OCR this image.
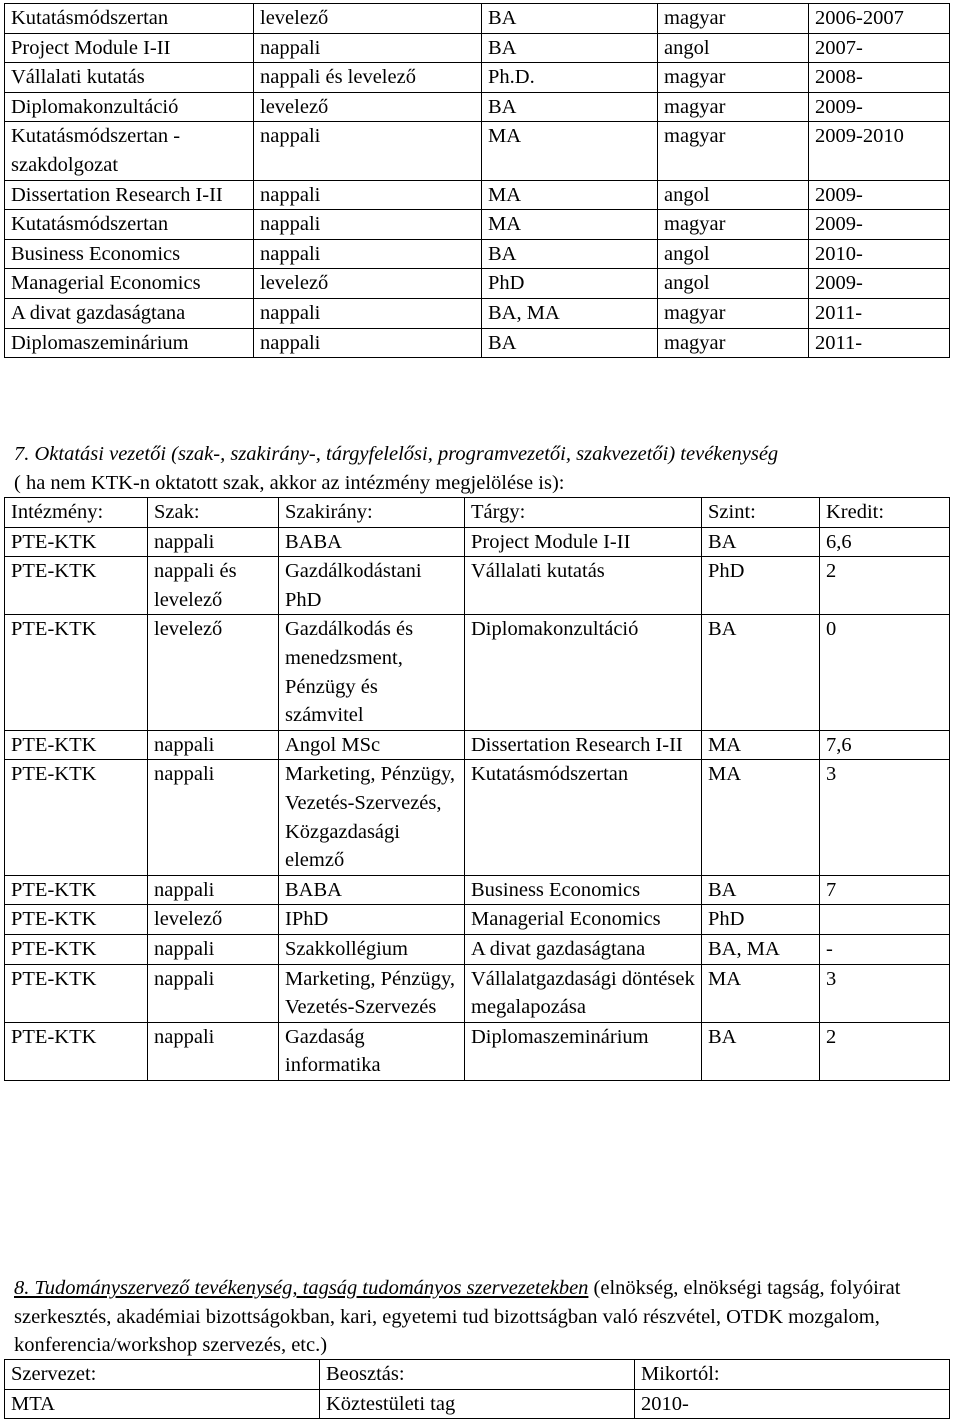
Kutatásmódszertan	levelező	BA	magyar	2006-2007
Project Module I-II	nappali	BA	angol	2007-
Vállalati kutatás	nappali és levelező	Ph.D.	magyar	2008-
Diplomakonzultáció	levelező	BA	magyar	2009-
Kutatásmódszertan - szakdolgozat	nappali	MA	magyar	2009-2010
Dissertation Research I-II	nappali	MA	angol	2009-
Kutatásmódszertan	nappali	MA	magyar	2009-
Business Economics	nappali	BA	angol	2010-
Managerial Economics	levelező	PhD	angol	2009-
A divat gazdaságtana	nappali	BA, MA	magyar	2011-
Diplomaszeminárium	nappali	BA	magyar	2011-
7. Oktatási vezetői (szak-, szakirány-, tárgyfelelősi, programvezetői, szakvezetői) tevékenység
( ha nem KTK-n oktatott szak, akkor az intézmény megjelölése is):
Intézmény:	Szak:	Szakirány:	Tárgy:	Szint:	Kredit:
PTE-KTK	nappali	BABA	Project Module I-II	BA	6,6
PTE-KTK	nappali és levelező	Gazdálkodástani PhD	Vállalati kutatás	PhD	2
PTE-KTK	levelező	Gazdálkodás és menedzsment, Pénzügy és számvitel	Diplomakonzultáció	BA	0
PTE-KTK	nappali	Angol MSc	Dissertation Research I-II	MA	7,6
PTE-KTK	nappali	Marketing, Pénzügy, Vezetés-Szervezés, Közgazdasági elemző	Kutatásmódszertan	MA	3
PTE-KTK	nappali	BABA	Business Economics	BA	7
PTE-KTK	levelező	IPhD	Managerial Economics	PhD	
PTE-KTK	nappali	Szakkollégium	A divat gazdaságtana	BA, MA	-
PTE-KTK	nappali	Marketing, Pénzügy, Vezetés-Szervezés	Vállalatgazdasági döntések megalapozása	MA	3
PTE-KTK	nappali	Gazdaság informatika	Diplomaszeminárium	BA	2
8. Tudományszervező tevékenység, tagság tudományos szervezetekben (elnökség, elnökségi tagság, folyóirat szerkesztés, akadémiai bizottságokban, kari, egyetemi tud bizottságban való részvétel, OTDK mozgalom, konferencia/workshop szervezés, etc.)
Szervezet:	Beosztás:	Mikortól:
MTA	Köztestületi tag	2010-
